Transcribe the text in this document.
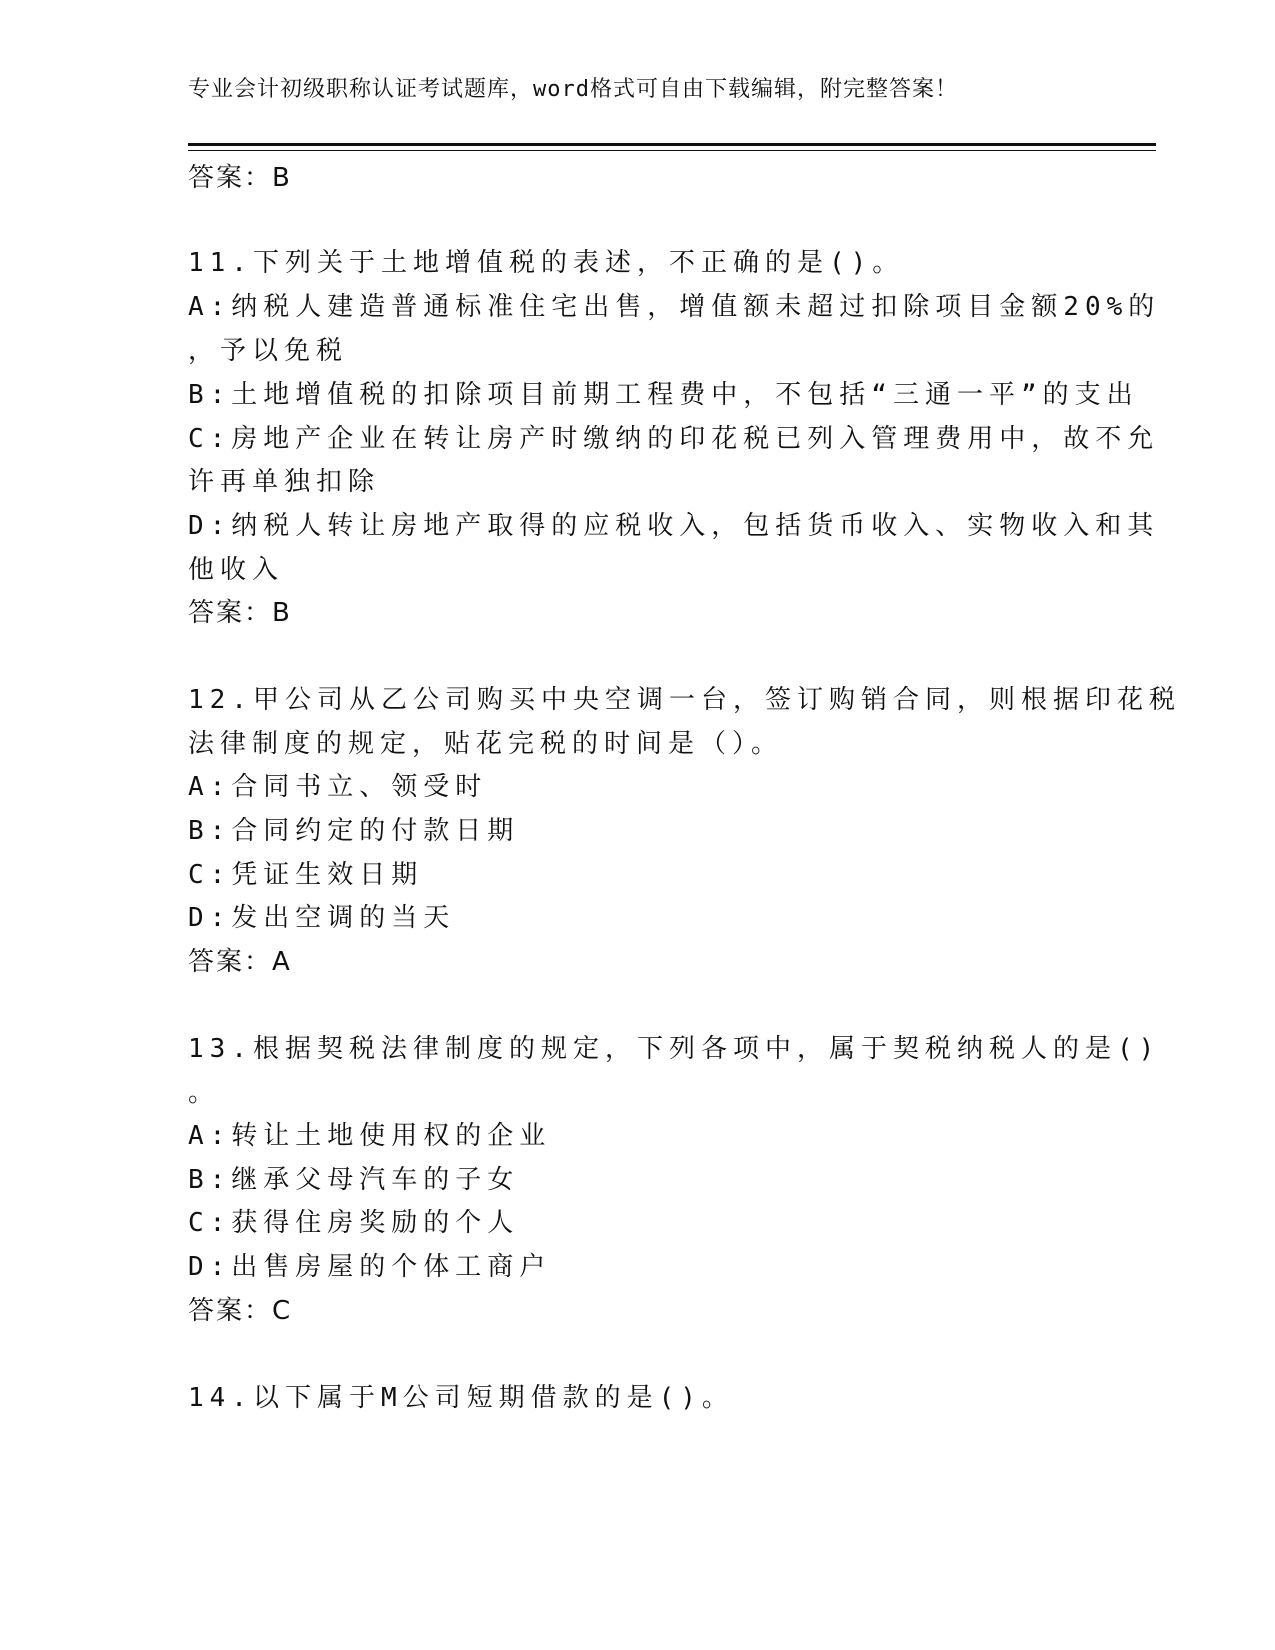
专业会计初级职称认证考试题库，word格式可自由下载编辑，附完整答案！
答案：B
11.下列关于土地增值税的表述，不正确的是()。
A:纳税人建造普通标准住宅出售，增值额未超过扣除项目金额20%的
，予以免税
B:土地增值税的扣除项目前期工程费中，不包括“三通一平”的支出
C:房地产企业在转让房产时缴纳的印花税已列入管理费用中，故不允
许再单独扣除
D:纳税人转让房地产取得的应税收入，包括货币收入、实物收入和其
他收入
答案：B
12.甲公司从乙公司购买中央空调一台，签订购销合同，则根据印花税
法律制度的规定，贴花完税的时间是（）。
A:合同书立、领受时
B:合同约定的付款日期
C:凭证生效日期
D:发出空调的当天
答案：A
13.根据契税法律制度的规定，下列各项中，属于契税纳税人的是()
。
A:转让土地使用权的企业
B:继承父母汽车的子女
C:获得住房奖励的个人
D:出售房屋的个体工商户
答案：C
14.以下属于M公司短期借款的是()。
